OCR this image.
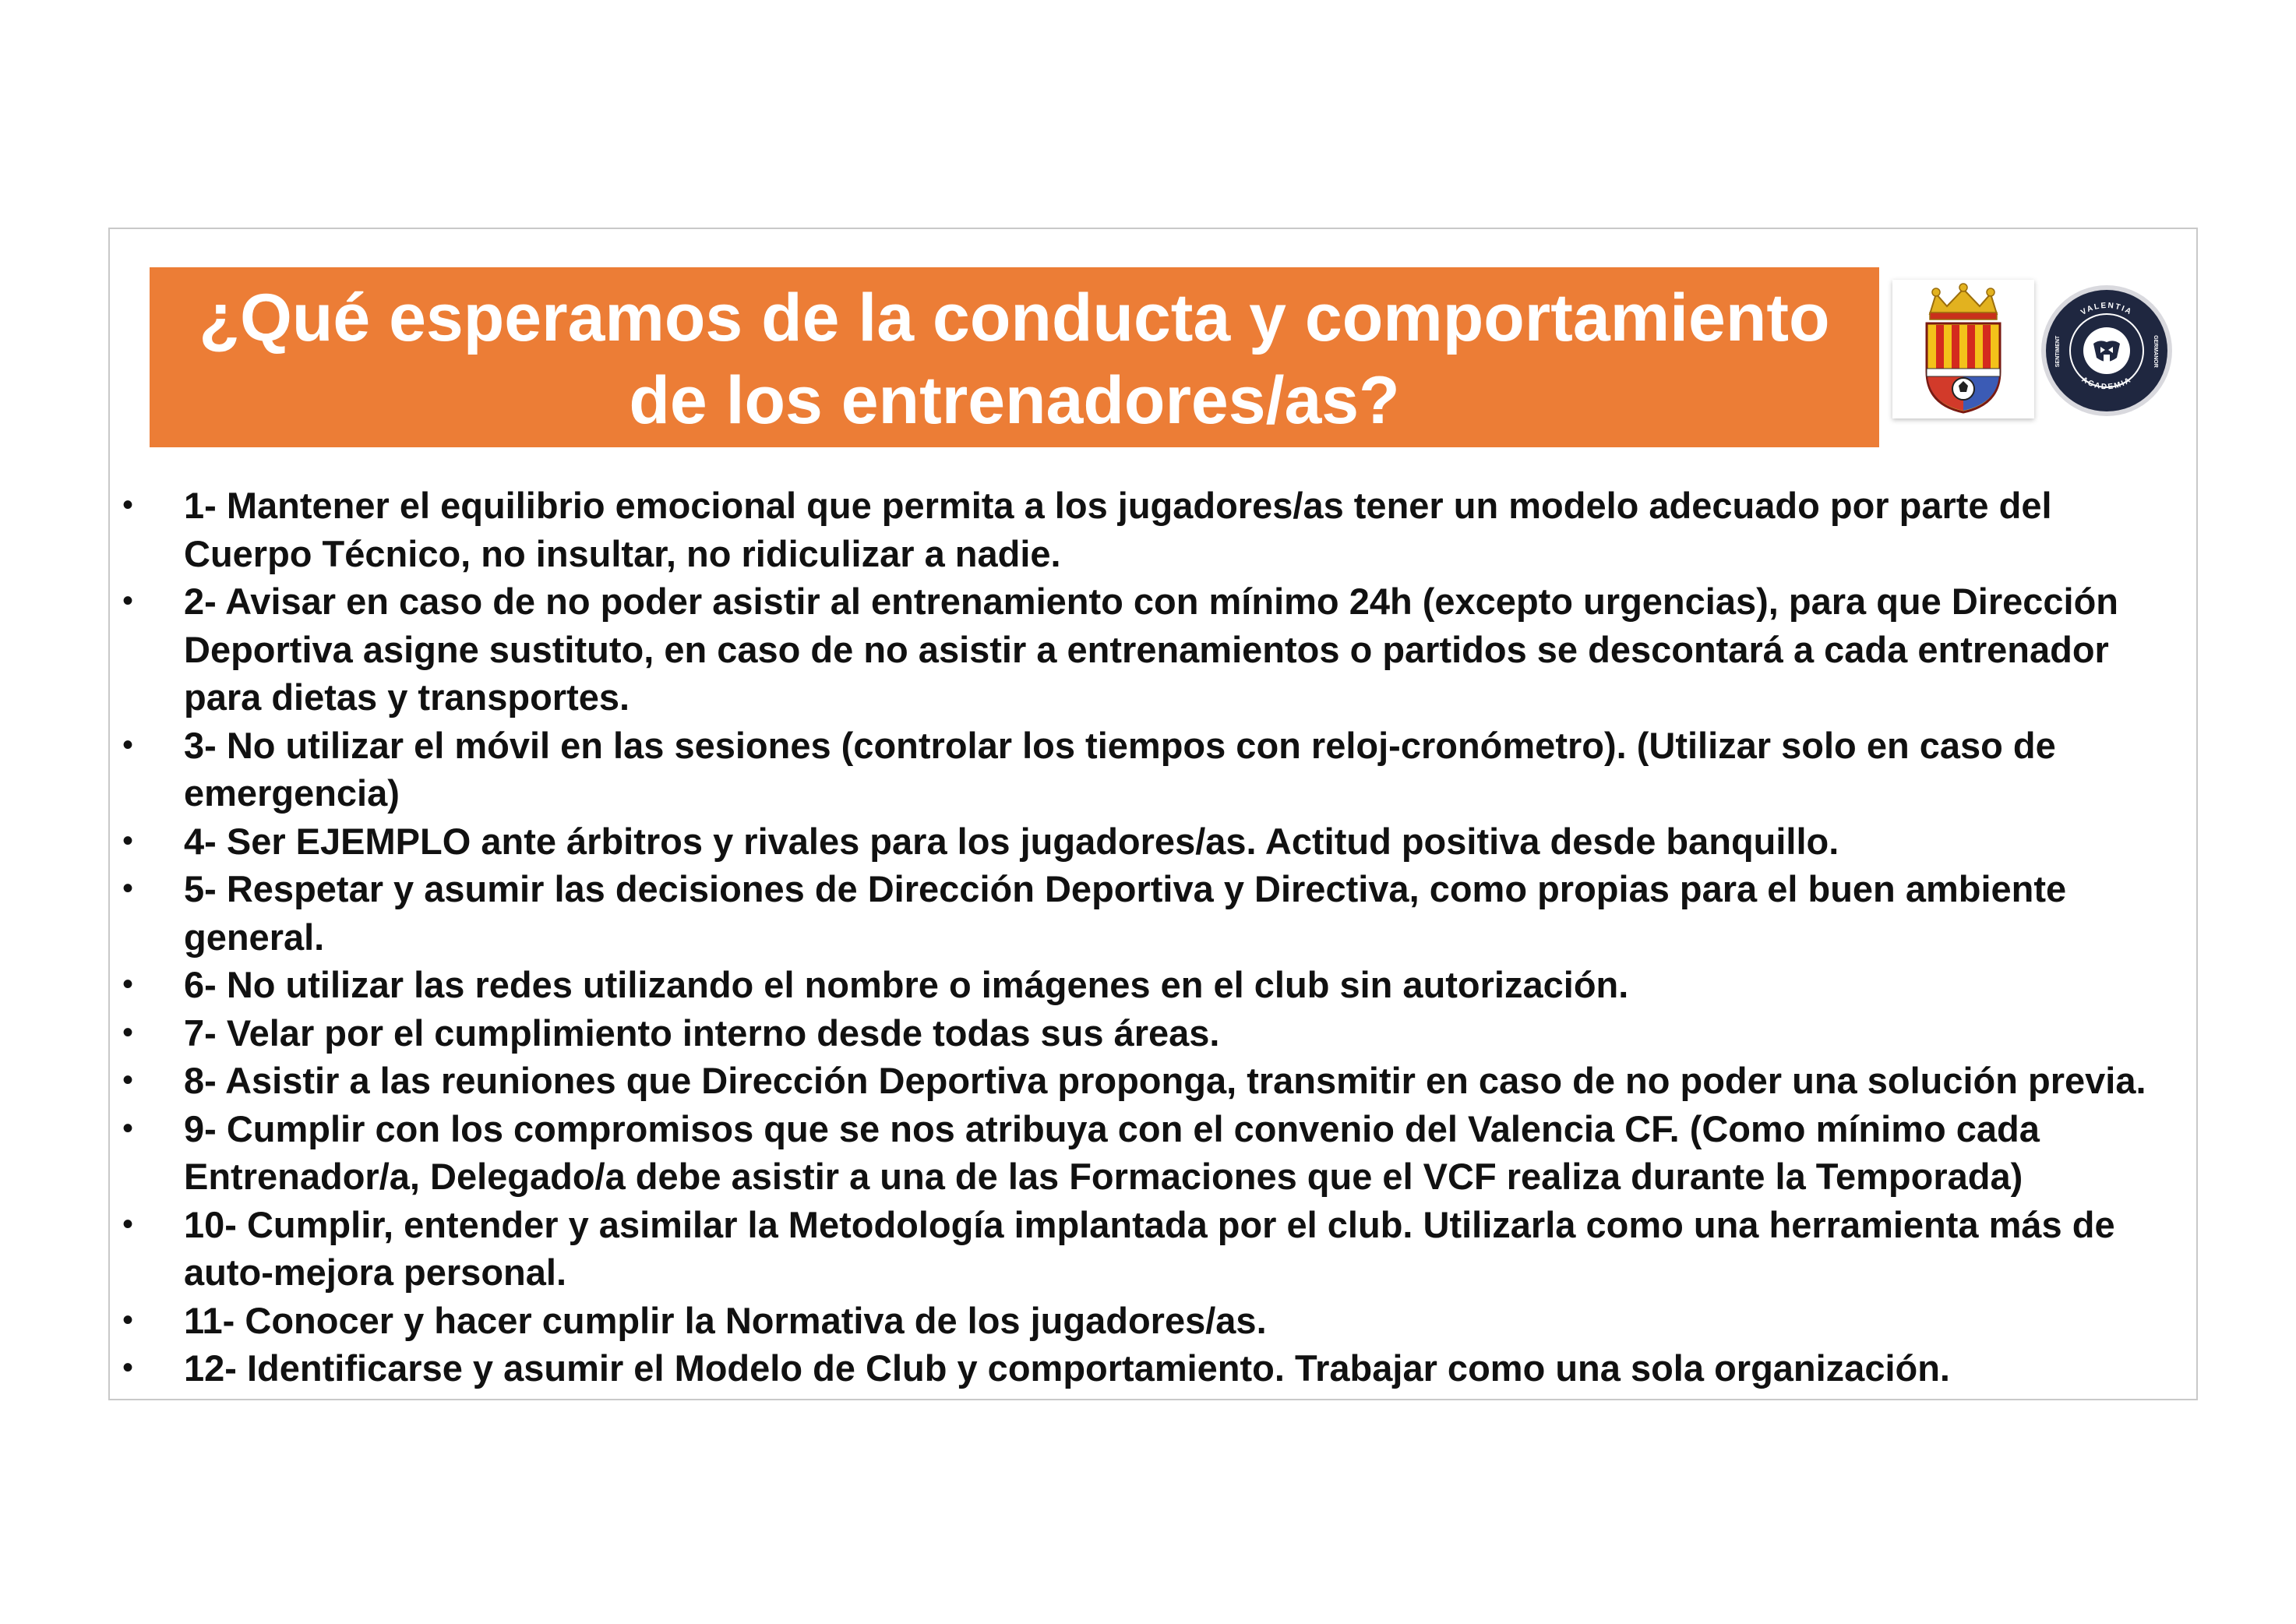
¿Qué esperamos de la conducta y comportamiento
de los entrenadores/as?
VALENTIA
ACADEMIA
SENTIMENT	GERMANOR
• 1- Mantener el equilibrio emocional que permita a los jugadores/as tener un modelo adecuado por parte del Cuerpo Técnico, no insultar, no ridiculizar a nadie.
• 2- Avisar en caso de no poder asistir al entrenamiento con mínimo 24h (excepto urgencias), para que Dirección Deportiva asigne sustituto, en caso de no asistir a entrenamientos o partidos se descontará a cada entrenador para dietas y transportes.
• 3- No utilizar el móvil en las sesiones (controlar los tiempos con reloj-cronómetro). (Utilizar solo en caso de emergencia)
• 4- Ser EJEMPLO ante árbitros y rivales para los jugadores/as. Actitud positiva desde banquillo.
• 5- Respetar y asumir las decisiones de Dirección Deportiva y Directiva, como propias para el buen ambiente general.
• 6- No utilizar las redes utilizando el nombre o imágenes en el club sin autorización.
• 7- Velar por el cumplimiento interno desde todas sus áreas.
• 8- Asistir a las reuniones que Dirección Deportiva proponga, transmitir en caso de no poder una solución previa.
• 9- Cumplir con los compromisos que se nos atribuya con el convenio del Valencia CF. (Como mínimo cada Entrenador/a, Delegado/a debe asistir a una de las Formaciones que el VCF realiza durante la Temporada)
• 10- Cumplir, entender y asimilar la Metodología implantada por el club. Utilizarla como una herramienta más de auto-mejora personal.
• 11- Conocer y hacer cumplir la Normativa de los jugadores/as.
• 12- Identificarse y asumir el Modelo de Club y comportamiento. Trabajar como una sola organización.
